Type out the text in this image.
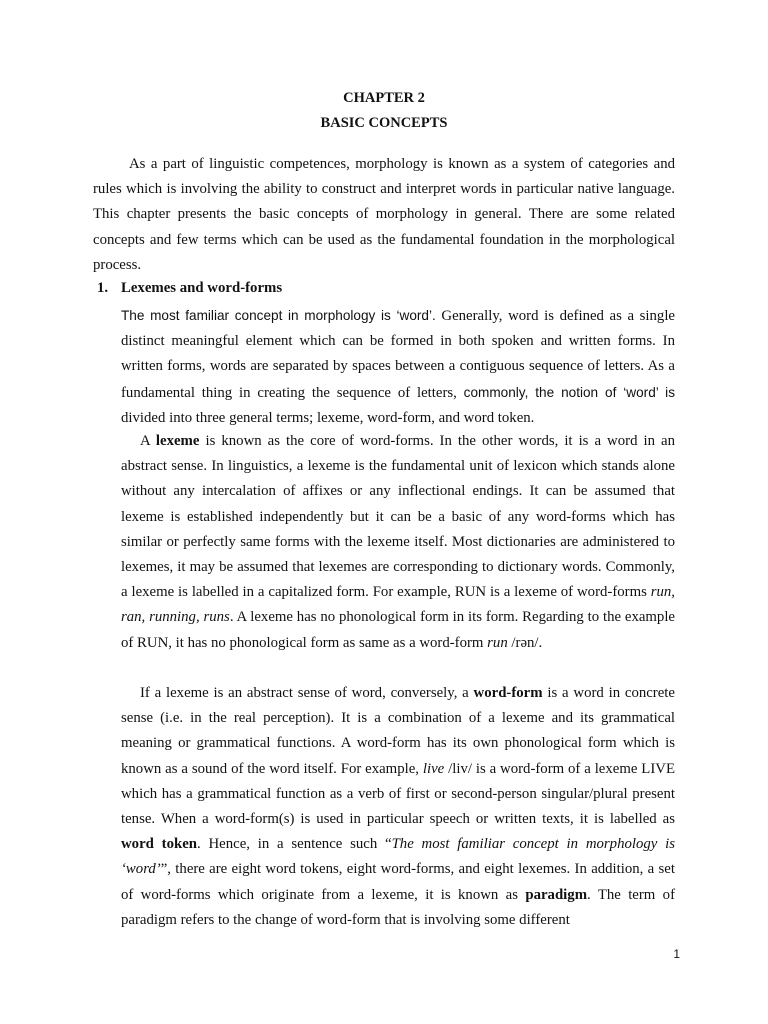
CHAPTER 2
BASIC CONCEPTS

As a part of linguistic competences, morphology is known as a system of categories and rules which is involving the ability to construct and interpret words in particular native language. This chapter presents the basic concepts of morphology in general. There are some related concepts and few terms which can be used as the fundamental foundation in the morphological process.

1. Lexemes and word-forms

The most familiar concept in morphology is ‘word’. Generally, word is defined as a single distinct meaningful element which can be formed in both spoken and written forms. In written forms, words are separated by spaces between a contiguous sequence of letters. As a fundamental thing in creating the sequence of letters, commonly, the notion of ‘word’ is divided into three general terms; lexeme, word-form, and word token.

A lexeme is known as the core of word-forms. In the other words, it is a word in an abstract sense. In linguistics, a lexeme is the fundamental unit of lexicon which stands alone without any intercalation of affixes or any inflectional endings. It can be assumed that lexeme is established independently but it can be a basic of any word-forms which has similar or perfectly same forms with the lexeme itself. Most dictionaries are administered to lexemes, it may be assumed that lexemes are corresponding to dictionary words. Commonly, a lexeme is labelled in a capitalized form. For example, RUN is a lexeme of word-forms run, ran, running, runs. A lexeme has no phonological form in its form. Regarding to the example of RUN, it has no phonological form as same as a word-form run /rən/.

If a lexeme is an abstract sense of word, conversely, a word-form is a word in concrete sense (i.e. in the real perception). It is a combination of a lexeme and its grammatical meaning or grammatical functions. A word-form has its own phonological form which is known as a sound of the word itself. For example, live /liv/ is a word-form of a lexeme LIVE which has a grammatical function as a verb of first or second-person singular/plural present tense. When a word-form(s) is used in particular speech or written texts, it is labelled as word token. Hence, in a sentence such “The most familiar concept in morphology is ‘word’”, there are eight word tokens, eight word-forms, and eight lexemes. In addition, a set of word-forms which originate from a lexeme, it is known as paradigm. The term of paradigm refers to the change of word-form that is involving some different

1
